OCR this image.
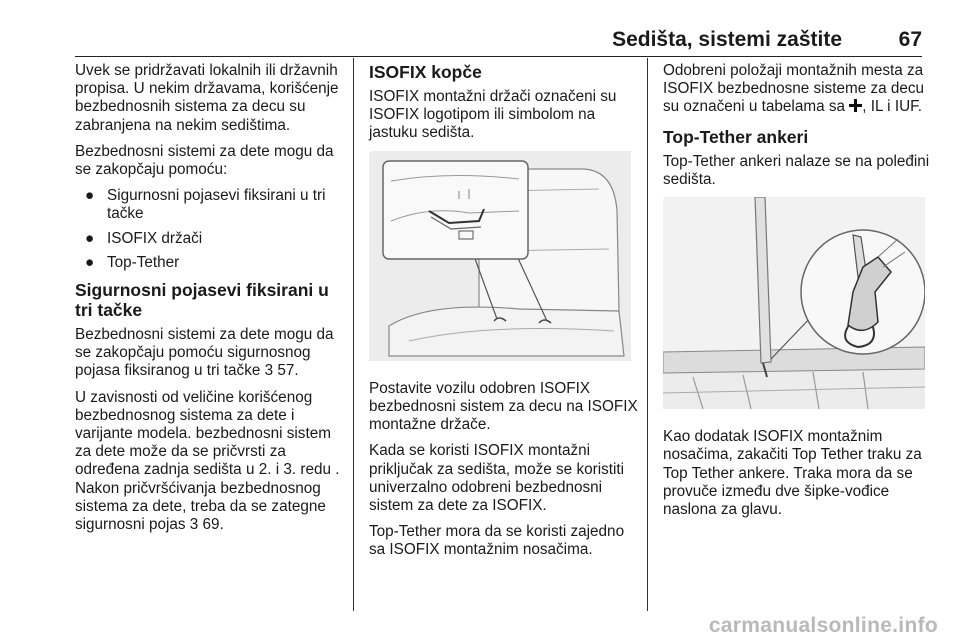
Sedišta, sistemi zaštite	67

Uvek se pridržavati lokalnih ili državnih propisa. U nekim državama, korišćenje bezbednosnih sistema za decu su zabranjena na nekim sedištima.

Bezbednosni sistemi za dete mogu da se zakopčaju pomoću:

● Sigurnosni pojasevi fiksirani u tri tačke
● ISOFIX držači
● Top-Tether
Sigurnosni pojasevi fiksirani u tri tačke

Bezbednosni sistemi za dete mogu da se zakopčaju pomoću sigurnosnog pojasa fiksiranog u tri tačke 3 57.

U zavisnosti od veličine korišćenog bezbednosnog sistema za dete i varijante modela. bezbednosni sistem za dete može da se pričvrsti za određena zadnja sedišta u 2. i 3. redu . Nakon pričvršćivanja bezbednosnog sistema za dete, treba da se zategne sigurnosni pojas 3 69.

ISOFIX kopče

ISOFIX montažni držači označeni su ISOFIX logotipom ili simbolom na jastuku sedišta.

Postavite vozilu odobren ISOFIX bezbednosni sistem za decu na ISOFIX montažne držače.

Kada se koristi ISOFIX montažni priključak za sedišta, može se koristiti univerzalno odobreni bezbednosni sistem za dete za ISOFIX.

Top-Tether mora da se koristi zajedno sa ISOFIX montažnim nosačima.

Odobreni položaji montažnih mesta za ISOFIX bezbednosne sisteme za decu su označeni u tabelama sa , IL i IUF.

Top-Tether ankeri

Top-Tether ankeri nalaze se na poleđini sedišta.

Kao dodatak ISOFIX montažnim nosačima, zakačiti Top Tether traku za Top Tether ankere. Traka mora da se provuče između dve šipke-vođice naslona za glavu.

carmanualsonline.info
